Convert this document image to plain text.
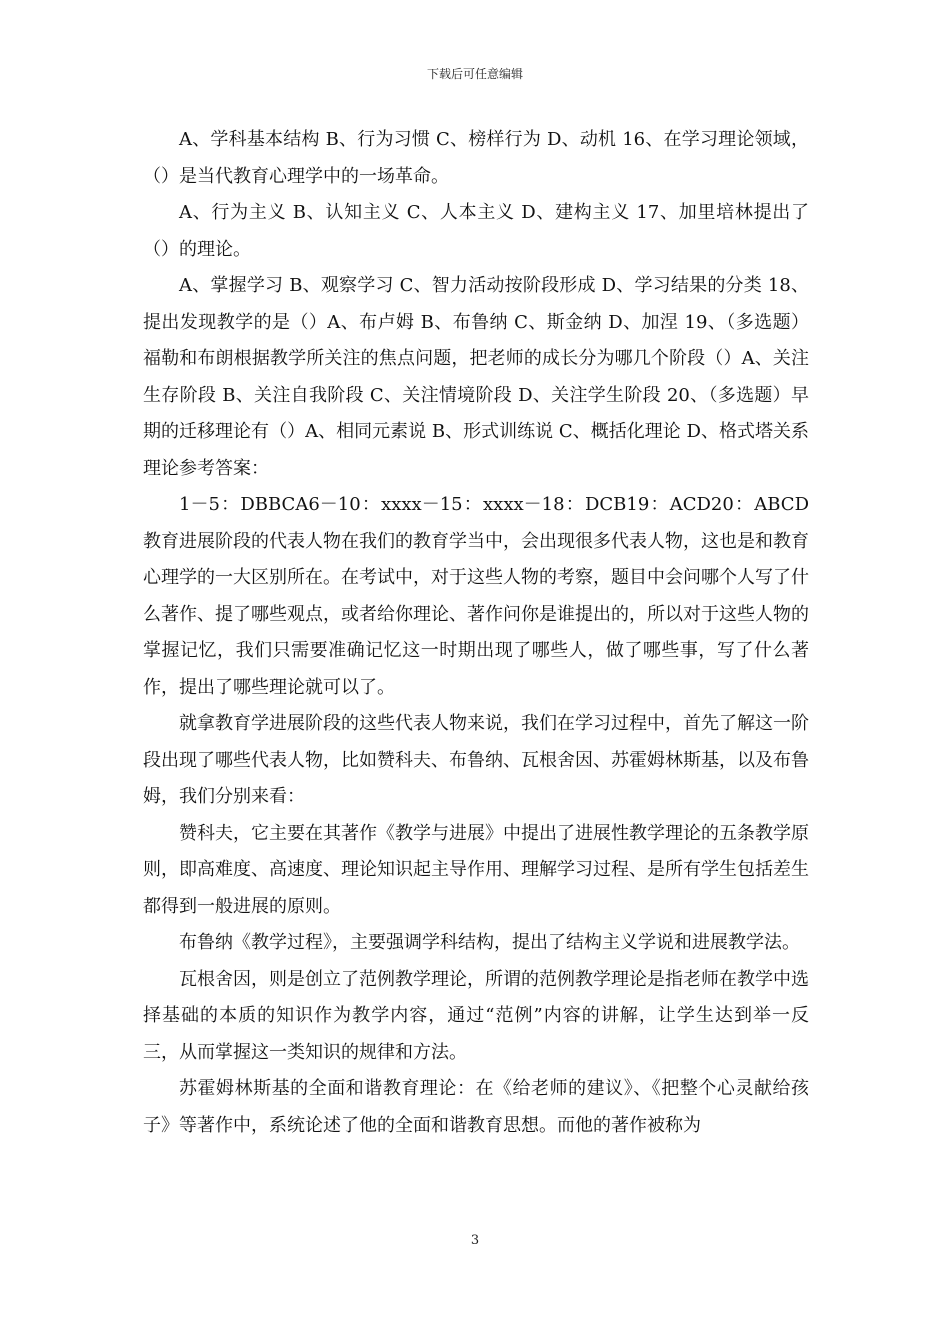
下载后可任意编辑

A、学科基本结构 B、行为习惯 C、榜样行为 D、动机 16、在学习理论领域，（）是当代教育心理学中的一场革命。

A、行为主义 B、认知主义 C、人本主义 D、建构主义 17、加里培林提出了（）的理论。

A、掌握学习 B、观察学习 C、智力活动按阶段形成 D、学习结果的分类 18、提出发现教学的是（）A、布卢姆 B、布鲁纳 C、斯金纳 D、加涅 19、（多选题）福勒和布朗根据教学所关注的焦点问题，把老师的成长分为哪几个阶段（）A、关注生存阶段 B、关注自我阶段 C、关注情境阶段 D、关注学生阶段 20、（多选题）早期的迁移理论有（）A、相同元素说 B、形式训练说 C、概括化理论 D、格式塔关系理论参考答案：

1－5：DBBCA6－10：xxxx－15：xxxx－18：DCB19：ACD20：ABCD 教育进展阶段的代表人物在我们的教育学当中，会出现很多代表人物，这也是和教育心理学的一大区别所在。在考试中，对于这些人物的考察，题目中会问哪个人写了什么著作、提了哪些观点，或者给你理论、著作问你是谁提出的，所以对于这些人物的掌握记忆，我们只需要准确记忆这一时期出现了哪些人，做了哪些事，写了什么著作，提出了哪些理论就可以了。

就拿教育学进展阶段的这些代表人物来说，我们在学习过程中，首先了解这一阶段出现了哪些代表人物，比如赞科夫、布鲁纳、瓦根舍因、苏霍姆林斯基，以及布鲁姆，我们分别来看：

赞科夫，它主要在其著作《教学与进展》中提出了进展性教学理论的五条教学原则，即高难度、高速度、理论知识起主导作用、理解学习过程、是所有学生包括差生都得到一般进展的原则。

布鲁纳《教学过程》，主要强调学科结构，提出了结构主义学说和进展教学法。

瓦根舍因，则是创立了范例教学理论，所谓的范例教学理论是指老师在教学中选择基础的本质的知识作为教学内容，通过“范例”内容的讲解，让学生达到举一反三，从而掌握这一类知识的规律和方法。

苏霍姆林斯基的全面和谐教育理论：在《给老师的建议》、《把整个心灵献给孩子》等著作中，系统论述了他的全面和谐教育思想。而他的著作被称为

3
